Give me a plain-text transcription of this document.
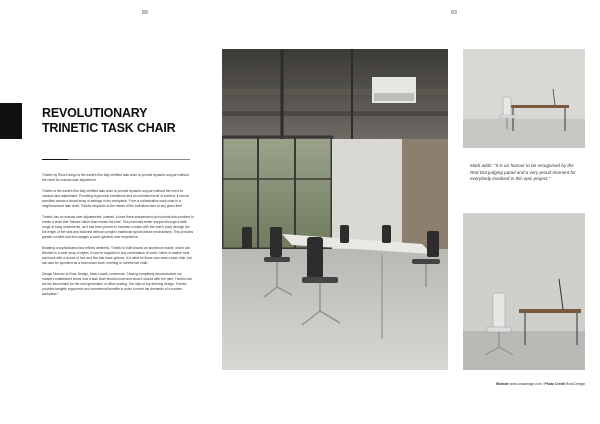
88	89
REVOLUTIONARY
TRINETIC TASK CHAIR

Trinetic by Ross Design is the world's first fully certified task chair to provide dynamic support without the need for manual user adjustment.

Trinetic is the world's first fully certified task chair to provide dynamic support without the need for manual user adjustment. Providing ergonomic excellence and an unrivalled level of comfort, it can be specified across a broad array of settings in the workplace. From a collaborative work chair to a neighbourhood task chair, Trinetic responds to the needs of the individual user at any given time.

Trinetic has no manual user adjustments. Instead, it uses three independent pivot points that combine to create a chair that 'follows' rather than resists the user. This promotes better support through a wide range of body movements, as it has been proven to increase contact with the user's body through the full length of the seat and backrest without complex traditional synchronised mechanisms. This provides greater comfort and encourages a more dynamic user experience.

Boasting a sophisticated and refined aesthetic, Trinetic is built around an aluminium cradle, which can finished in a wide array of styles. It can be supplied in any combination of mesh, fabric or leather seat and back with a choice of four and five star base options. It is ideal for those who want a task chair, but can also be specified as a touchdown work, meeting or conference chair.

Design Director at Ross Design, Mark Lowell, comments: "Having completely deconstructed our market's established views how a task chair should move and what it should offer the user, Trinetic has set the benchmark for the next generation of office seating. Our step of top steering design, Trinetic provides tangible ergonomic and commercial benefits in order to meet the demands of a modern workplace."

Mark adds: "It is an honour to be recognised by the Red Dot judging panel and a very proud moment for everybody involved in this epic project."
Website www.rossdesign.com / Photo Credit Ross Design
